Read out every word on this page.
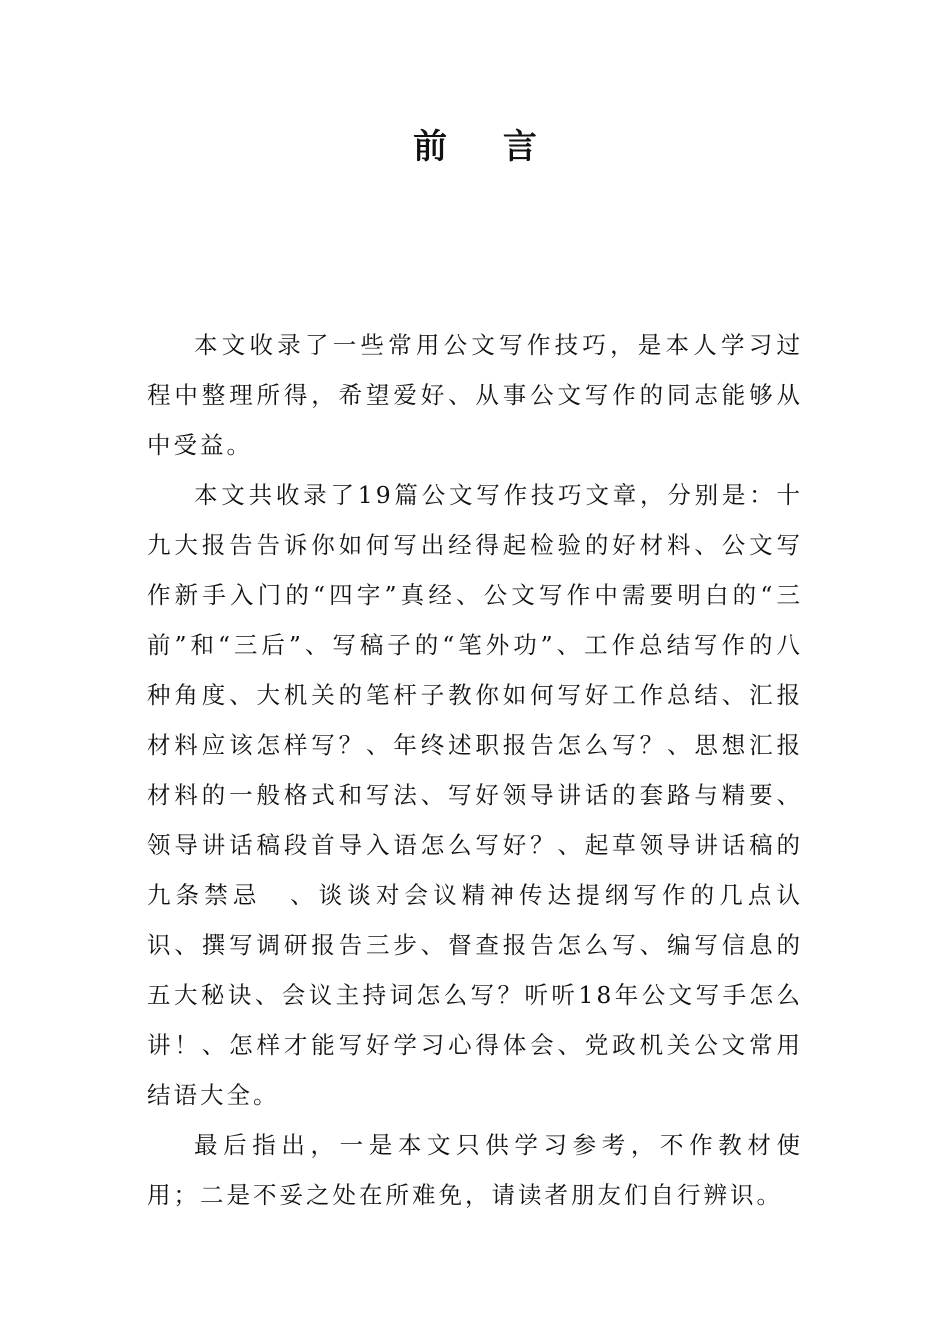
前 言

本文收录了一些常用公文写作技巧，是本人学习过程中整理所得，希望爱好、从事公文写作的同志能够从中受益。

本文共收录了19篇公文写作技巧文章，分别是：十九大报告告诉你如何写出经得起检验的好材料、公文写作新手入门的“四字”真经、公文写作中需要明白的“三前”和“三后”、写稿子的“笔外功”、工作总结写作的八种角度、大机关的笔杆子教你如何写好工作总结、汇报材料应该怎样写？、年终述职报告怎么写？、思想汇报材料的一般格式和写法、写好领导讲话的套路与精要、领导讲话稿段首导入语怎么写好？、起草领导讲话稿的九条禁忌　、谈谈对会议精神传达提纲写作的几点认识、撰写调研报告三步、督查报告怎么写、编写信息的五大秘诀、会议主持词怎么写？听听18年公文写手怎么讲！、怎样才能写好学习心得体会、党政机关公文常用结语大全。

最后指出，一是本文只供学习参考，不作教材使用；二是不妥之处在所难免，请读者朋友们自行辨识。
